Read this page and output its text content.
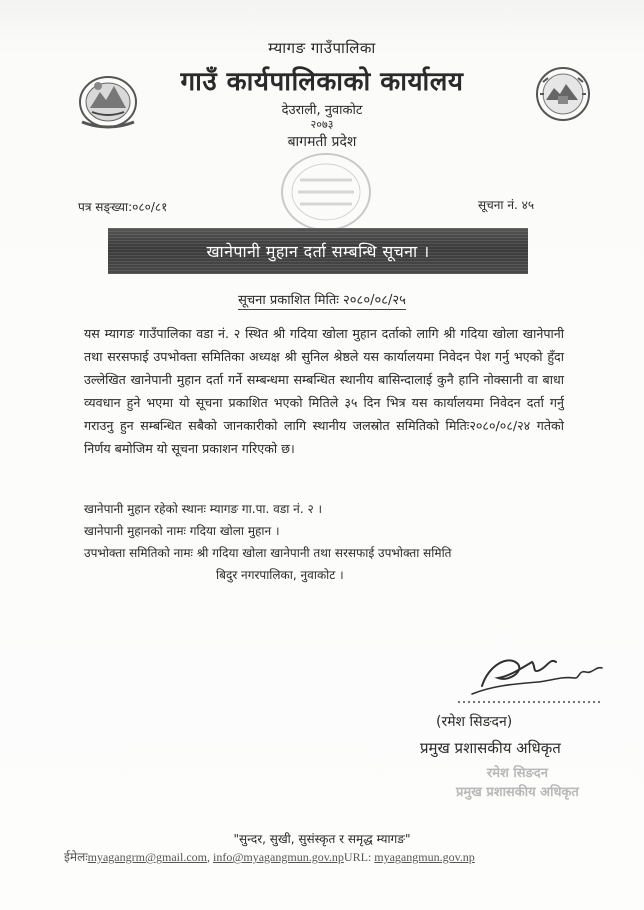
म्यागङ गाउँपालिका
गाउँ कार्यपालिकाको कार्यालय
देउराली, नुवाकोट
२०७३
बागमती प्रदेश
पत्र सङ्ख्या:०८०/८१	सूचना नं. ४५
खानेपानी मुहान दर्ता सम्बन्धि सूचना ।
सूचना प्रकाशित मितिः २०८०/०८/२५
यस म्यागङ गाउँपालिका वडा नं. २ स्थित श्री गदिया खोला मुहान दर्ताको लागि श्री गदिया खोला खानेपानी तथा सरसफाई उपभोक्ता समितिका अध्यक्ष श्री सुनिल श्रेष्ठले यस कार्यालयमा निवेदन पेश गर्नु भएको हुँदा उल्लेखित खानेपानी मुहान दर्ता गर्ने सम्बन्धमा सम्बन्धित स्थानीय बासिन्दालाई कुनै हानि नोक्सानी वा बाधा व्यवधान हुने भएमा यो सूचना प्रकाशित भएको मितिले ३५ दिन भित्र यस कार्यालयमा निवेदन दर्ता गर्नु गराउनु हुन सम्बन्धित सबैको जानकारीको लागि स्थानीय जलस्रोत समितिको मितिः२०८०/०८/२४ गतेको निर्णय बमोजिम यो सूचना प्रकाशन गरिएको छ।
खानेपानी मुहान रहेको स्थानः म्यागङ गा.पा. वडा नं. २ ।
खानेपानी मुहानको नामः गदिया खोला मुहान ।
उपभोक्ता समितिको नामः श्री गदिया खोला खानेपानी तथा सरसफाई उपभोक्ता समिति
बिदुर नगरपालिका, नुवाकोट ।
(रमेश सिङदन)
प्रमुख प्रशासकीय अधिकृत
रमेश सिङदन
प्रमुख प्रशासकीय अधिकृत
"सुन्दर, सुखी, सुसंस्कृत र समृद्ध म्यागङ"
ईमेलःmyagangrm@gmail.com, info@myagangmun.gov.npURL: myagangmun.gov.np
